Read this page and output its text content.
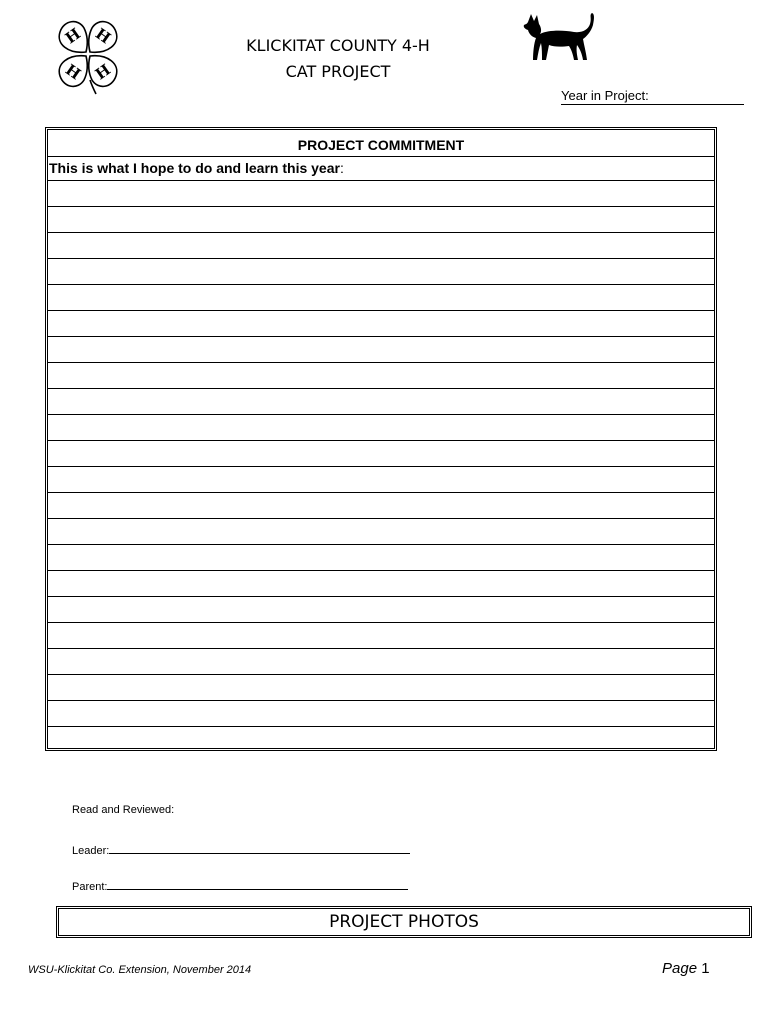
H H
H H
KLICKITAT COUNTY 4-H
CAT PROJECT
Year in Project:
PROJECT COMMITMENT
This is what I hope to do and learn this year:
Read and Reviewed:
Leader:
Parent:
PROJECT PHOTOS
WSU-Klickitat Co. Extension, November 2014	Page 1
